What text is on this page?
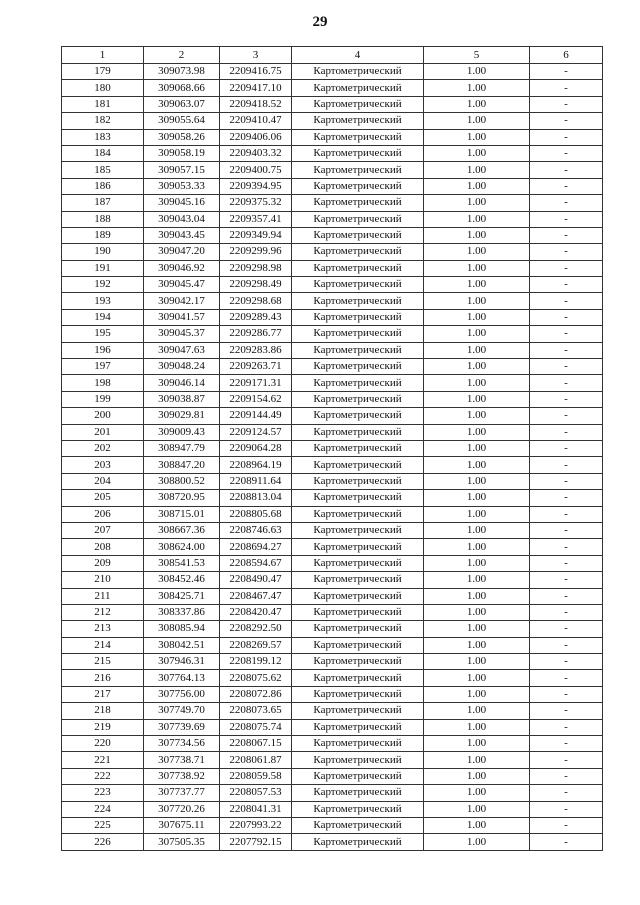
29
1	2	3	4	5	6
179	309073.98	2209416.75	Картометрический	1.00	-
180	309068.66	2209417.10	Картометрический	1.00	-
181	309063.07	2209418.52	Картометрический	1.00	-
182	309055.64	2209410.47	Картометрический	1.00	-
183	309058.26	2209406.06	Картометрический	1.00	-
184	309058.19	2209403.32	Картометрический	1.00	-
185	309057.15	2209400.75	Картометрический	1.00	-
186	309053.33	2209394.95	Картометрический	1.00	-
187	309045.16	2209375.32	Картометрический	1.00	-
188	309043.04	2209357.41	Картометрический	1.00	-
189	309043.45	2209349.94	Картометрический	1.00	-
190	309047.20	2209299.96	Картометрический	1.00	-
191	309046.92	2209298.98	Картометрический	1.00	-
192	309045.47	2209298.49	Картометрический	1.00	-
193	309042.17	2209298.68	Картометрический	1.00	-
194	309041.57	2209289.43	Картометрический	1.00	-
195	309045.37	2209286.77	Картометрический	1.00	-
196	309047.63	2209283.86	Картометрический	1.00	-
197	309048.24	2209263.71	Картометрический	1.00	-
198	309046.14	2209171.31	Картометрический	1.00	-
199	309038.87	2209154.62	Картометрический	1.00	-
200	309029.81	2209144.49	Картометрический	1.00	-
201	309009.43	2209124.57	Картометрический	1.00	-
202	308947.79	2209064.28	Картометрический	1.00	-
203	308847.20	2208964.19	Картометрический	1.00	-
204	308800.52	2208911.64	Картометрический	1.00	-
205	308720.95	2208813.04	Картометрический	1.00	-
206	308715.01	2208805.68	Картометрический	1.00	-
207	308667.36	2208746.63	Картометрический	1.00	-
208	308624.00	2208694.27	Картометрический	1.00	-
209	308541.53	2208594.67	Картометрический	1.00	-
210	308452.46	2208490.47	Картометрический	1.00	-
211	308425.71	2208467.47	Картометрический	1.00	-
212	308337.86	2208420.47	Картометрический	1.00	-
213	308085.94	2208292.50	Картометрический	1.00	-
214	308042.51	2208269.57	Картометрический	1.00	-
215	307946.31	2208199.12	Картометрический	1.00	-
216	307764.13	2208075.62	Картометрический	1.00	-
217	307756.00	2208072.86	Картометрический	1.00	-
218	307749.70	2208073.65	Картометрический	1.00	-
219	307739.69	2208075.74	Картометрический	1.00	-
220	307734.56	2208067.15	Картометрический	1.00	-
221	307738.71	2208061.87	Картометрический	1.00	-
222	307738.92	2208059.58	Картометрический	1.00	-
223	307737.77	2208057.53	Картометрический	1.00	-
224	307720.26	2208041.31	Картометрический	1.00	-
225	307675.11	2207993.22	Картометрический	1.00	-
226	307505.35	2207792.15	Картометрический	1.00	-
